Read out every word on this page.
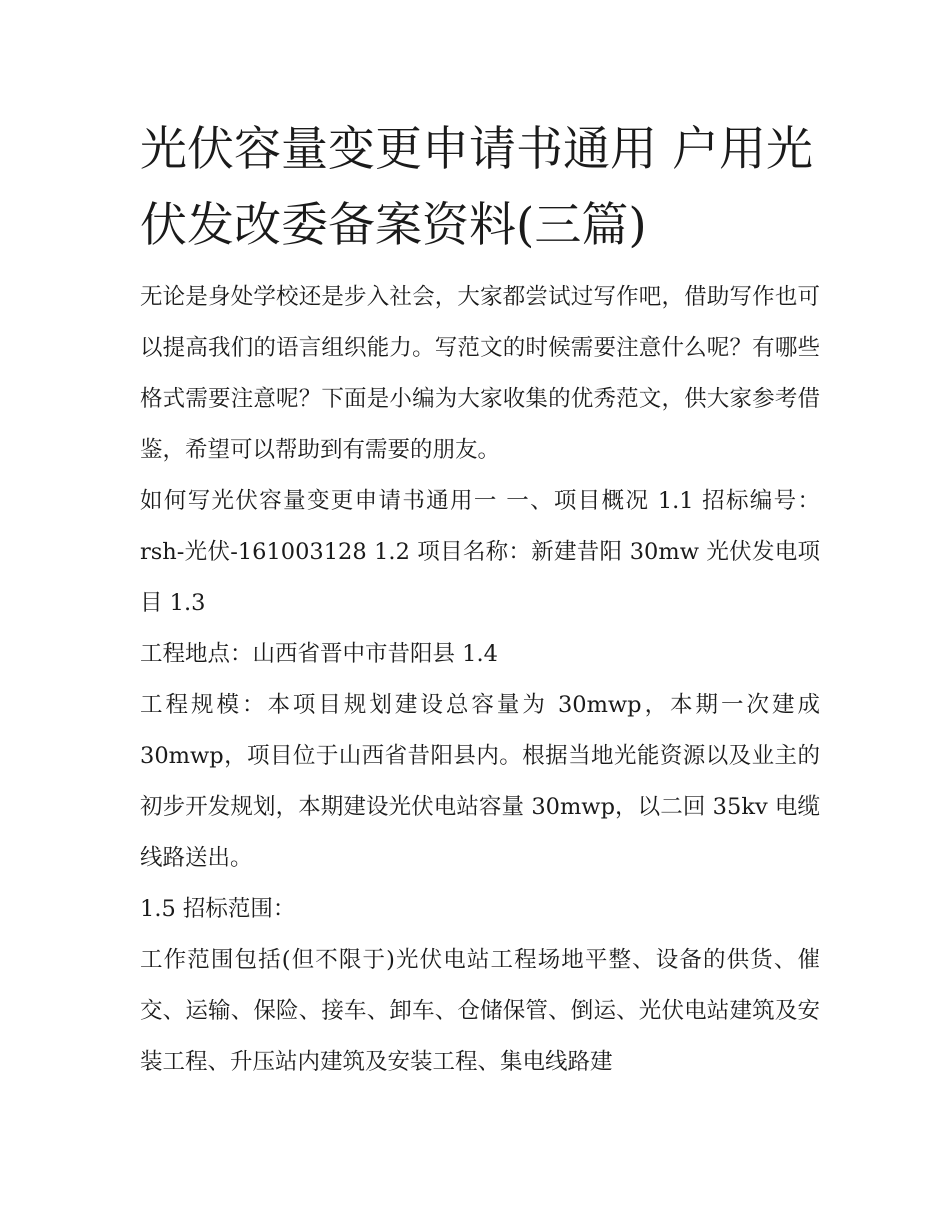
光伏容量变更申请书通用 户用光伏发改委备案资料(三篇)

无论是身处学校还是步入社会，大家都尝试过写作吧，借助写作也可以提高我们的语言组织能力。写范文的时候需要注意什么呢？有哪些格式需要注意呢？下面是小编为大家收集的优秀范文，供大家参考借鉴，希望可以帮助到有需要的朋友。

如何写光伏容量变更申请书通用一 一、项目概况 1.1 招标编号：rsh-光伏-161003128 1.2 项目名称：新建昔阳 30mw 光伏发电项目 1.3

工程地点：山西省晋中市昔阳县 1.4

工程规模：本项目规划建设总容量为 30mwp，本期一次建成 30mwp，项目位于山西省昔阳县内。根据当地光能资源以及业主的初步开发规划，本期建设光伏电站容量 30mwp，以二回 35kv 电缆线路送出。

1.5 招标范围：

工作范围包括(但不限于)光伏电站工程场地平整、设备的供货、催交、运输、保险、接车、卸车、仓储保管、倒运、光伏电站建筑及安装工程、升压站内建筑及安装工程、集电线路建
